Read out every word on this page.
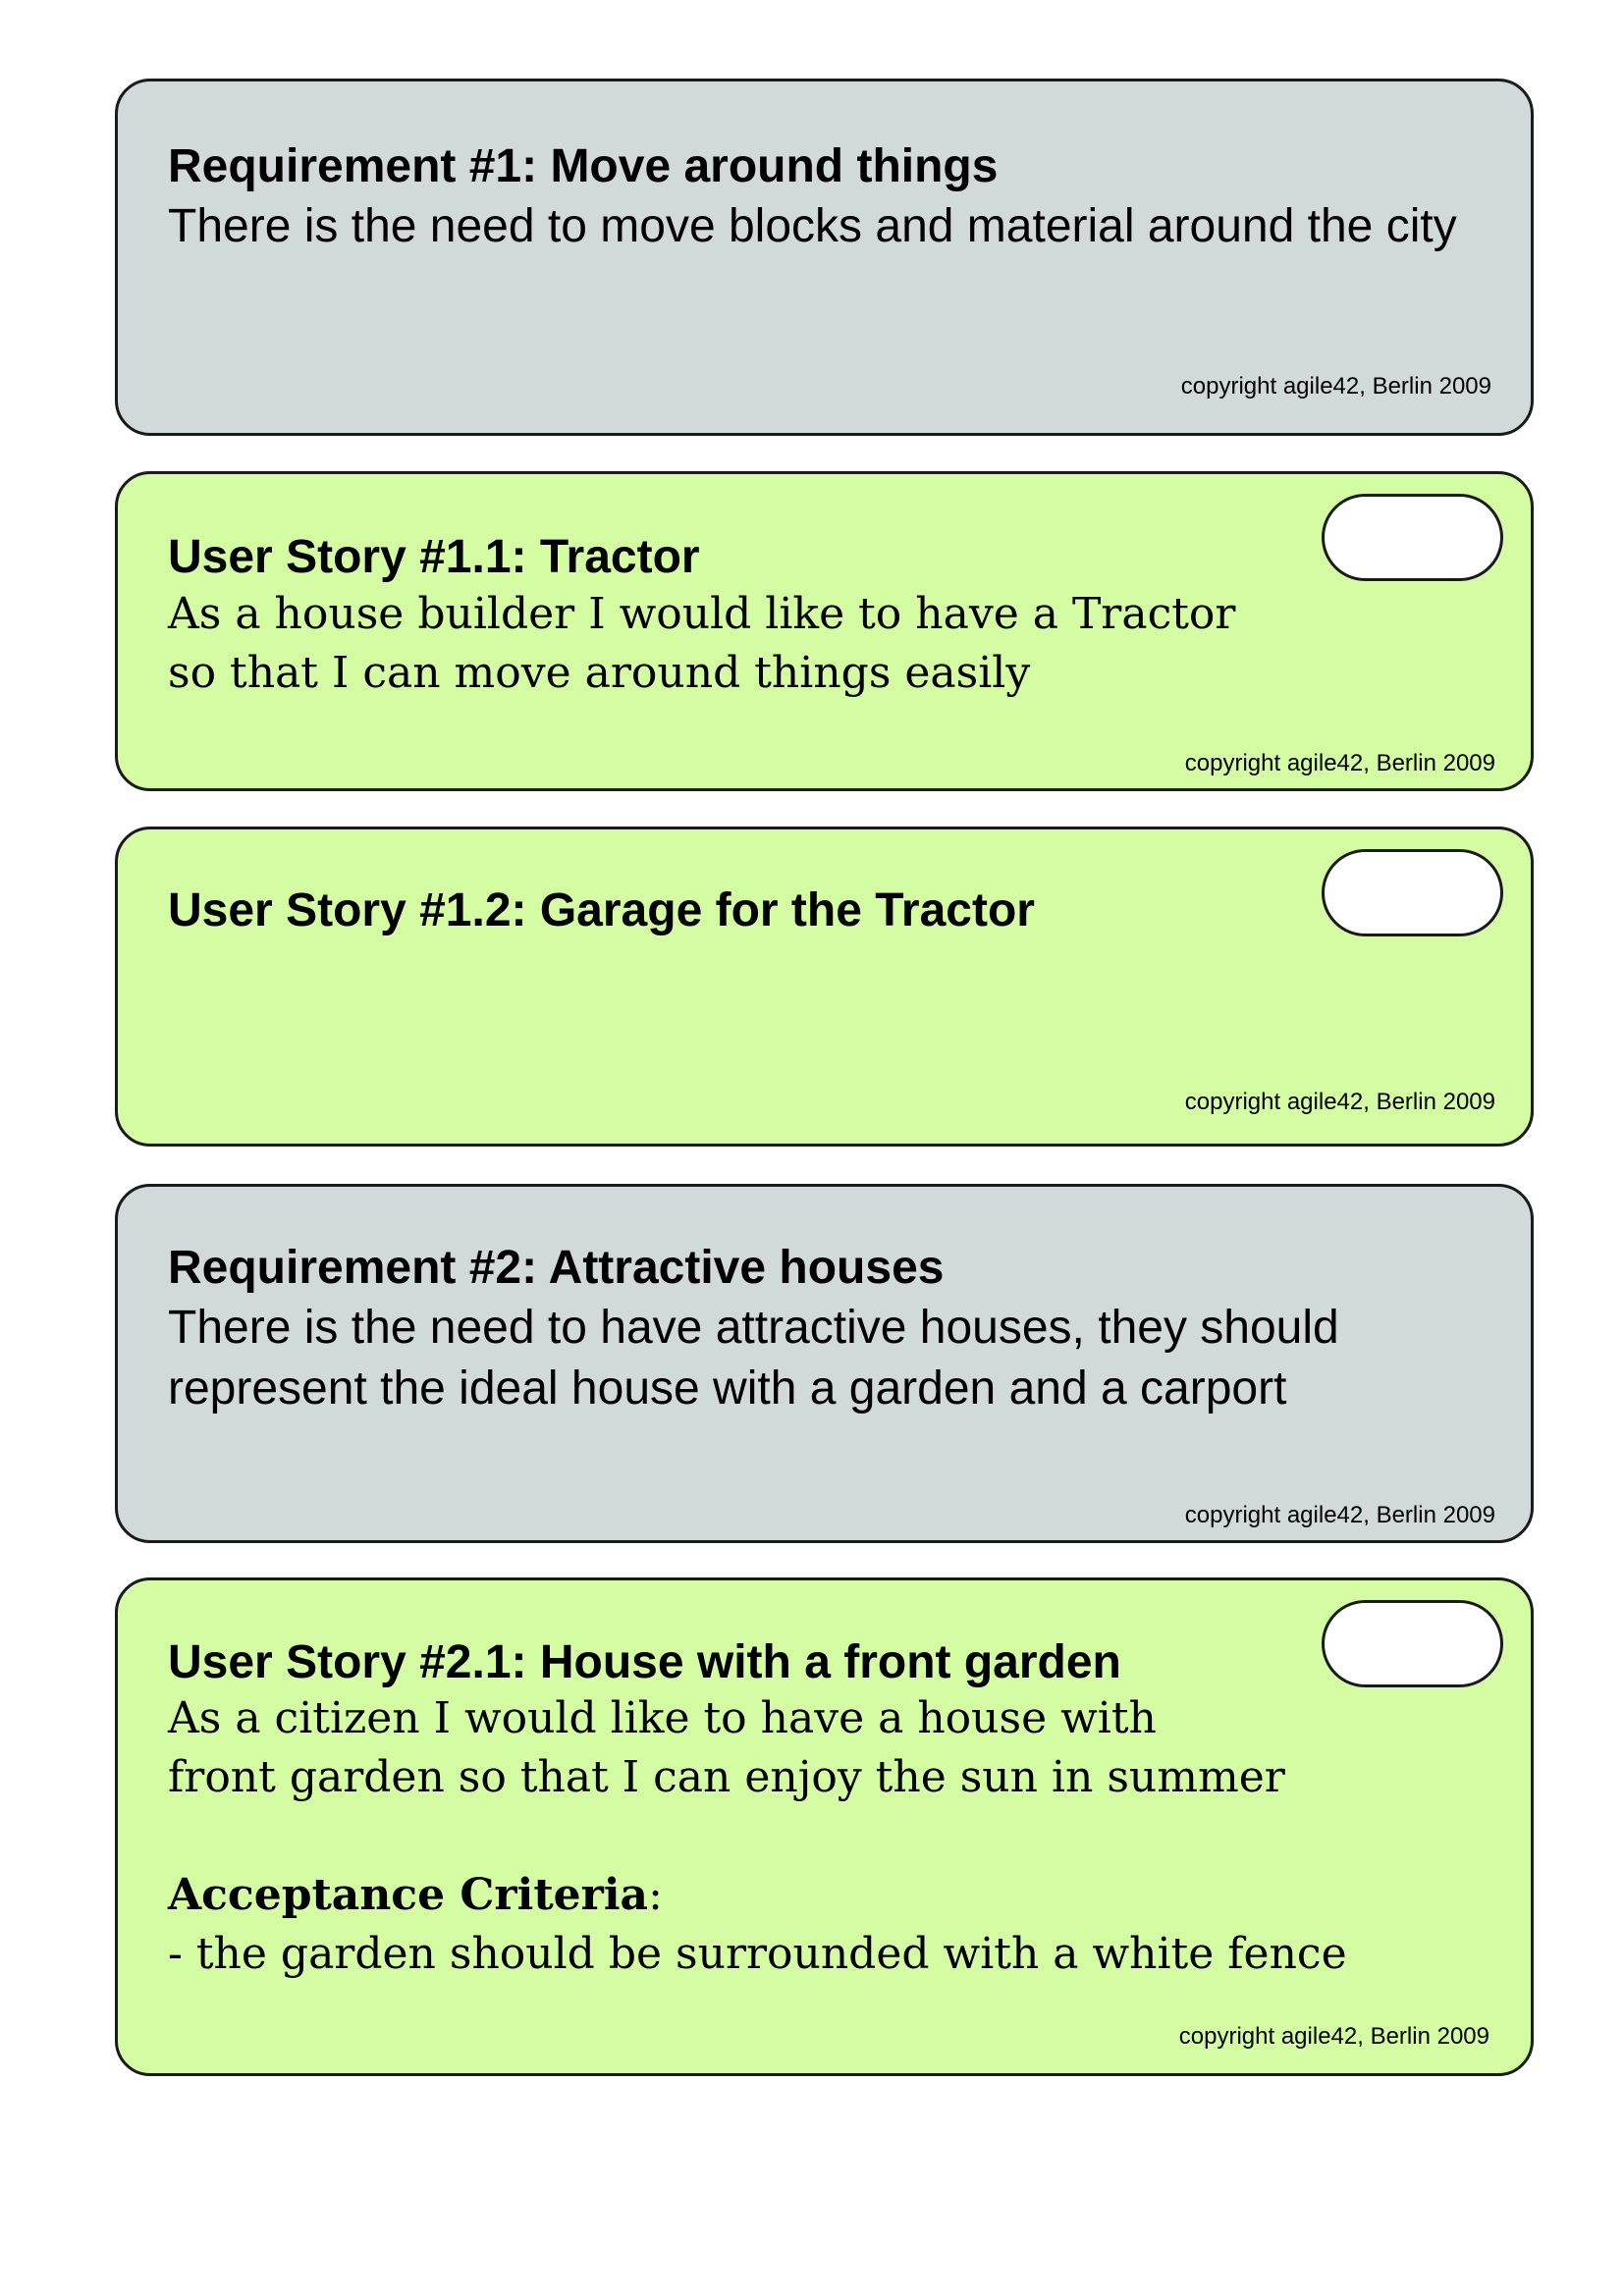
Requirement #1: Move around things

There is the need to move blocks and material around the city

copyright agile42, Berlin 2009
User Story #1.1: Tractor

As a house builder I would like to have a Tractor
so that I can move around things easily

copyright agile42, Berlin 2009
User Story #1.2: Garage for the Tractor
copyright agile42, Berlin 2009
Requirement #2: Attractive houses

There is the need to have attractive houses, they should represent the ideal house with a garden and a carport

copyright agile42, Berlin 2009
User Story #2.1: House with a front garden

As a citizen I would like to have a house with
front garden so that I can enjoy the sun in summer

Acceptance Criteria:

- the garden should be surrounded with a white fence

copyright agile42, Berlin 2009
